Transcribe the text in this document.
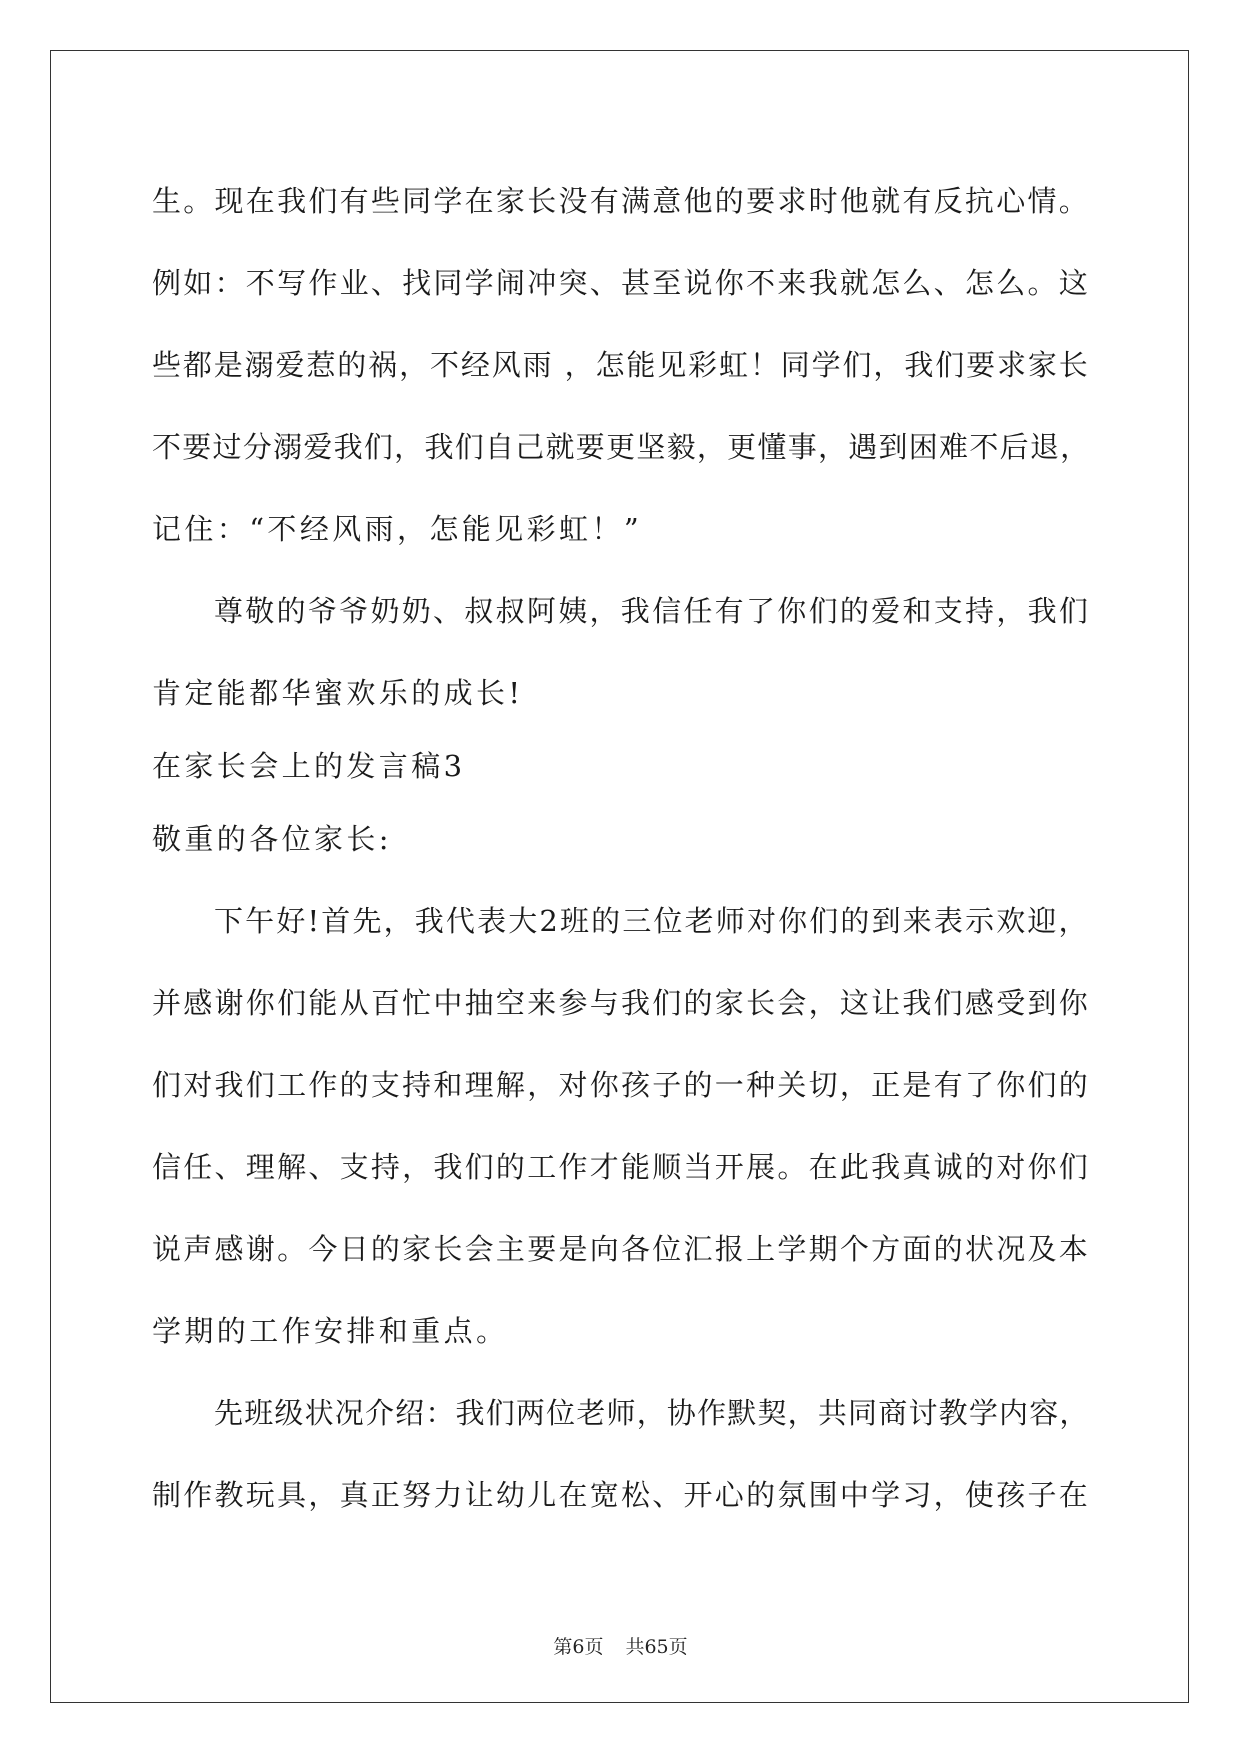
生。现在我们有些同学在家长没有满意他的要求时他就有反抗心情。
例如：不写作业、找同学闹冲突、甚至说你不来我就怎么、怎么。这
些都是溺爱惹的祸，不经风雨 ，怎能见彩虹！同学们，我们要求家长
不要过分溺爱我们，我们自己就要更坚毅，更懂事，遇到困难不后退，
记住：“不经风雨，怎能见彩虹！”
尊敬的爷爷奶奶、叔叔阿姨，我信任有了你们的爱和支持，我们
肯定能都华蜜欢乐的成长!
在家长会上的发言稿3
敬重的各位家长:
下午好!首先，我代表大2班的三位老师对你们的到来表示欢迎，
并感谢你们能从百忙中抽空来参与我们的家长会，这让我们感受到你
们对我们工作的支持和理解，对你孩子的一种关切，正是有了你们的
信任、理解、支持，我们的工作才能顺当开展。在此我真诚的对你们
说声感谢。今日的家长会主要是向各位汇报上学期个方面的状况及本
学期的工作安排和重点。
先班级状况介绍：我们两位老师，协作默契，共同商讨教学内容，
制作教玩具，真正努力让幼儿在宽松、开心的氛围中学习，使孩子在
第6页 共65页
